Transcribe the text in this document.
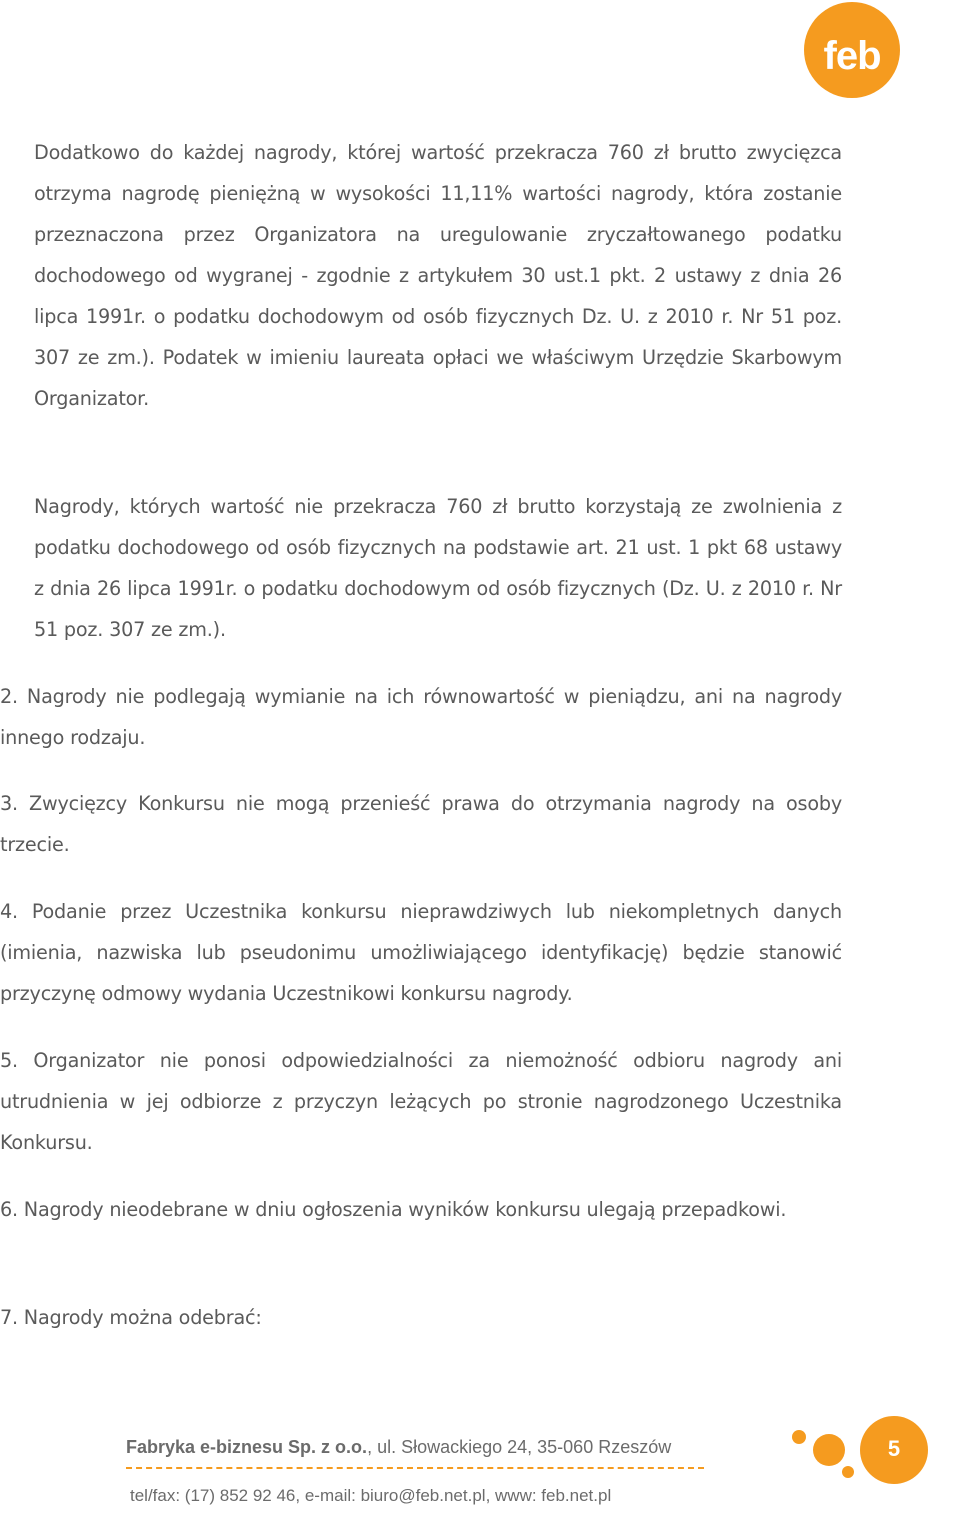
feb

Dodatkowo do każdej nagrody, której wartość przekracza 760 zł brutto zwycięzca otrzyma nagrodę pieniężną w wysokości 11,11% wartości nagrody, która zostanie przeznaczona przez Organizatora na uregulowanie zryczałtowanego podatku dochodowego od wygranej - zgodnie z artykułem 30 ust.1 pkt. 2 ustawy z dnia 26 lipca 1991r. o podatku dochodowym od osób fizycznych Dz. U. z 2010 r. Nr 51 poz. 307 ze zm.). Podatek w imieniu laureata opłaci we właściwym Urzędzie Skarbowym Organizator.

Nagrody, których wartość nie przekracza 760 zł brutto korzystają ze zwolnienia z podatku dochodowego od osób fizycznych na podstawie art. 21 ust. 1 pkt 68 ustawy z dnia 26 lipca 1991r. o podatku dochodowym od osób fizycznych (Dz. U. z 2010 r. Nr 51 poz. 307 ze zm.).

2. Nagrody nie podlegają wymianie na ich równowartość w pieniądzu, ani na nagrody innego rodzaju.

3. Zwycięzcy Konkursu nie mogą przenieść prawa do otrzymania nagrody na osoby trzecie.

4. Podanie przez Uczestnika konkursu nieprawdziwych lub niekompletnych danych (imienia, nazwiska lub pseudonimu umożliwiającego identyfikację) będzie stanowić przyczynę odmowy wydania Uczestnikowi konkursu nagrody.

5. Organizator nie ponosi odpowiedzialności za niemożność odbioru nagrody ani utrudnienia w jej odbiorze z przyczyn leżących po stronie nagrodzonego Uczestnika Konkursu.

6. Nagrody nieodebrane w dniu ogłoszenia wyników konkursu ulegają przepadkowi.

7. Nagrody można odebrać:

Fabryka e-biznesu Sp. z o.o., ul. Słowackiego 24, 35-060 Rzeszów
tel/fax: (17) 852 92 46, e-mail: biuro@feb.net.pl, www: feb.net.pl
5
